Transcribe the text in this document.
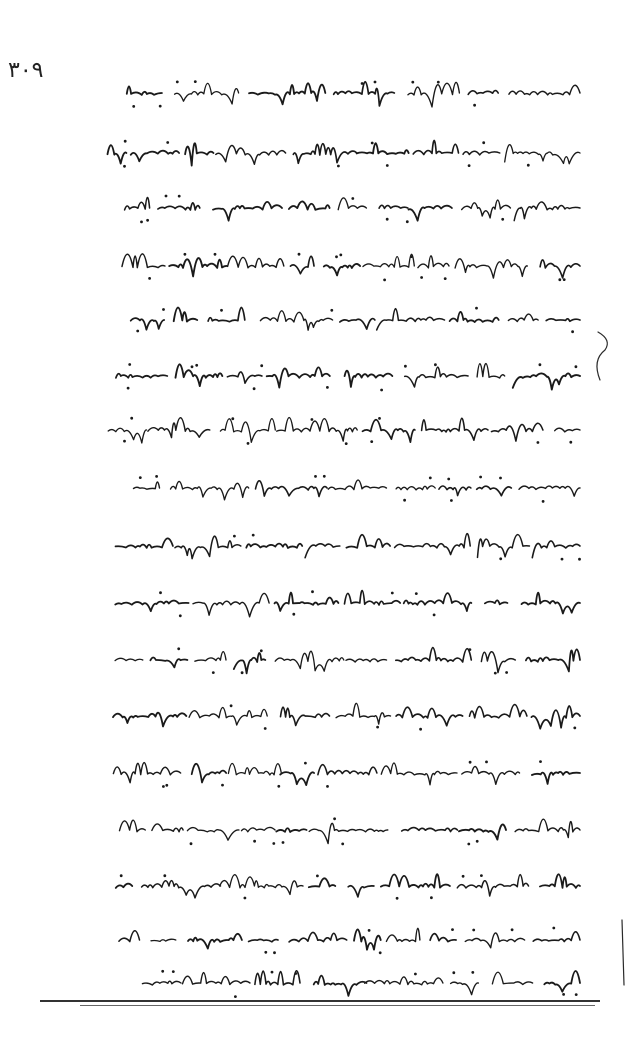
۳۰۹
